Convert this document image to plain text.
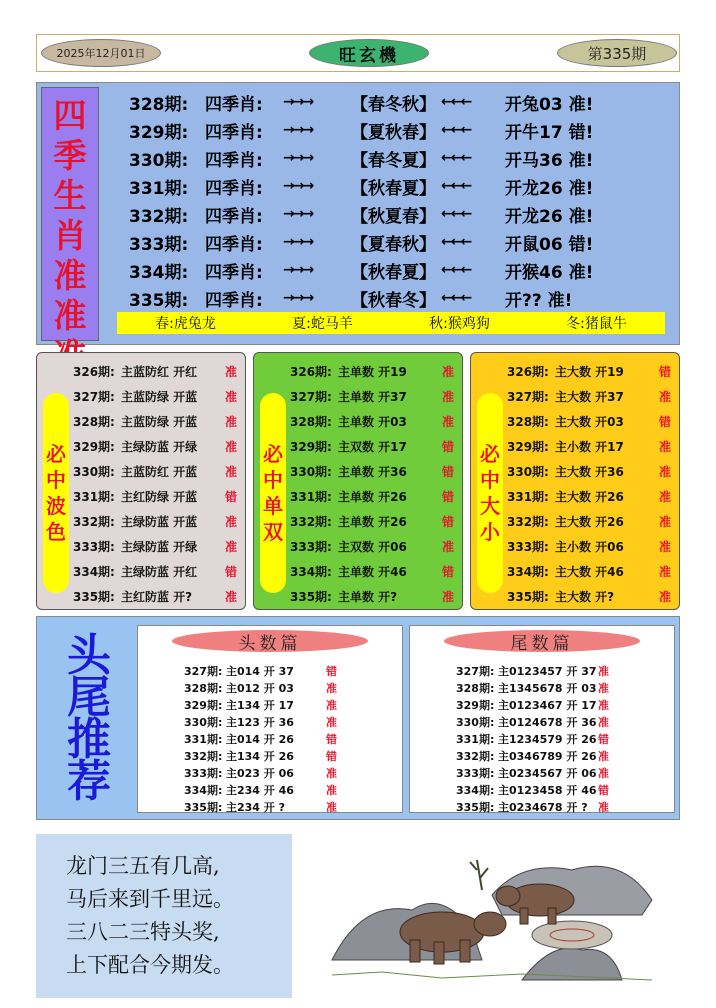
2025年12月01日	旺玄機	第335期
四
季
生
肖
准
准	春:虎兔龙	夏:蛇马羊	秋:猴鸡狗	冬:猪鼠牛
328期: 四季肖:	→→→	【春冬秋】 ←←←	开兔03 准!
329期: 四季肖:	→→→	【夏秋春】 ←←←	开牛17 错!
330期: 四季肖:	→→→	【春冬夏】 ←←←	开马36 准!
331期: 四季肖:	→→→	【秋春夏】 ←←←	开龙26 准!
332期: 四季肖:	→→→	【秋夏春】 ←←←	开龙26 准!
333期: 四季肖:	→→→	【夏春秋】 ←←←	开鼠06 错!
334期: 四季肖:	→→→	【秋春夏】 ←←←	开猴46 准!
335期: 四季肖:	→→→	【秋春冬】 ←←←	开?? 准!
必
中
波
色
326期: 主蓝防红 开红	准
327期: 主蓝防绿 开蓝	准
328期: 主蓝防绿 开蓝	准
329期: 主绿防蓝 开绿	准
330期: 主蓝防红 开蓝	准
331期: 主红防绿 开蓝	错
332期: 主绿防蓝 开蓝	准
333期: 主绿防蓝 开绿	准
334期: 主绿防蓝 开红	错
335期: 主红防蓝 开?	准
必
中
单
双
326期: 主单数 开19	准
327期: 主单数 开37	准
328期: 主单数 开03	准
329期: 主双数 开17	错
330期: 主单数 开36	错
331期: 主单数 开26	错
332期: 主单数 开26	错
333期: 主双数 开06	准
334期: 主单数 开46	错
335期: 主单数 开?	准
必
中
大
小
326期: 主大数 开19	错
327期: 主大数 开37	准
328期: 主大数 开03	错
329期: 主小数 开17	准
330期: 主大数 开36	准
331期: 主大数 开26	准
332期: 主大数 开26	准
333期: 主小数 开06	准
334期: 主大数 开46	准
335期: 主大数 开?	准
头
尾
推
荐
头数篇
327期: 主014 开 37	错
328期: 主012 开 03	准
329期: 主134 开 17	准
330期: 主123 开 36	准
331期: 主014 开 26	错
332期: 主134 开 26	错
333期: 主023 开 06	准
334期: 主234 开 46	准
335期: 主234 开 ?	准
尾数篇
327期: 主0123457 开 37 准
328期: 主1345678 开 03 准
329期: 主0123467 开 17 准
330期: 主0124678 开 36 准
331期: 主1234579 开 26 错
332期: 主0346789 开 26 准
333期: 主0234567 开 06 准
334期: 主0123458 开 46 错
335期: 主0234678 开 ? 准
龙门三五有几高,
马后来到千里远。
三八二三特头奖,
上下配合今期发。
